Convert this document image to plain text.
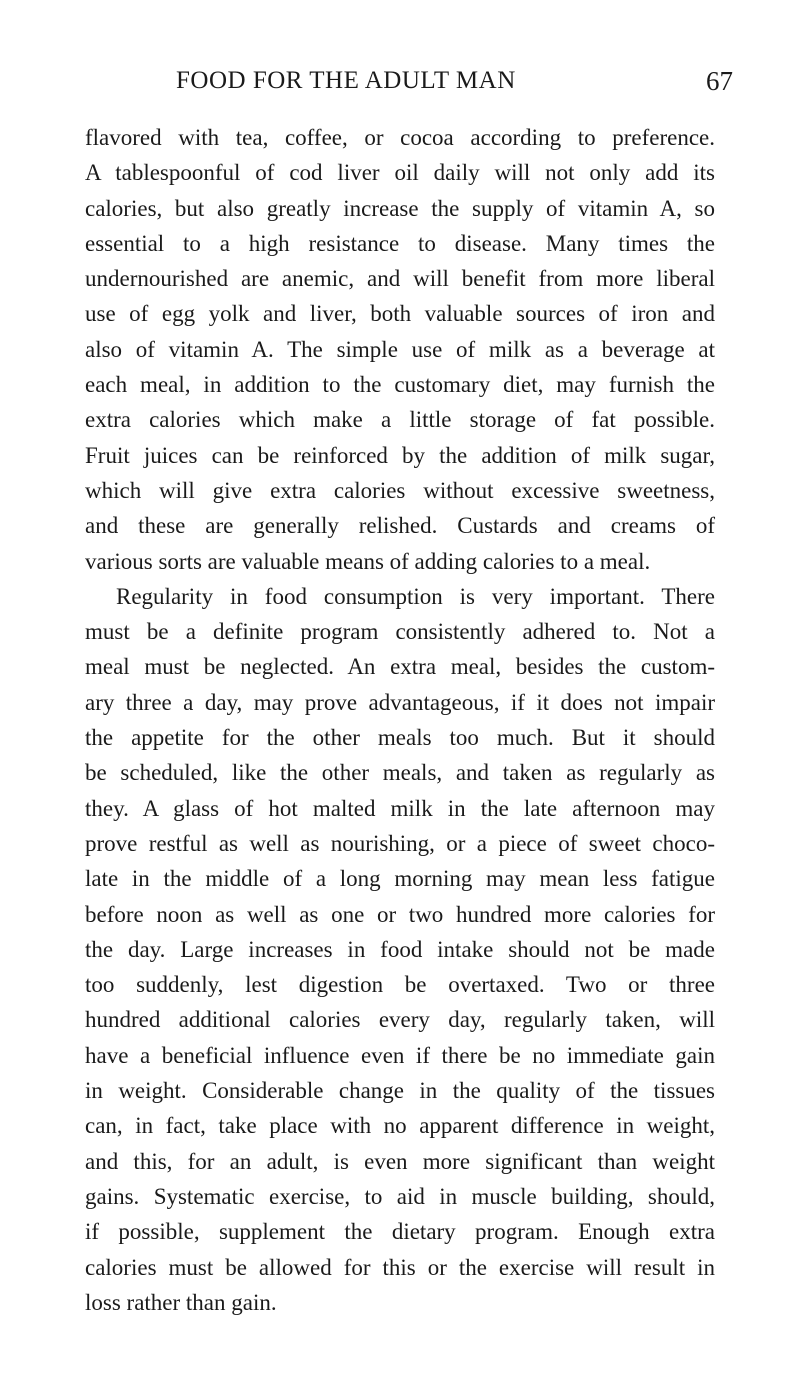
FOOD FOR THE ADULT MAN	67
flavored with tea, coffee, or cocoa according to preference.
A tablespoonful of cod liver oil daily will not only add its
calories, but also greatly increase the supply of vitamin A, so
essential to a high resistance to disease. Many times the
undernourished are anemic, and will benefit from more liberal
use of egg yolk and liver, both valuable sources of iron and
also of vitamin A. The simple use of milk as a beverage at
each meal, in addition to the customary diet, may furnish the
extra calories which make a little storage of fat possible.
Fruit juices can be reinforced by the addition of milk sugar,
which will give extra calories without excessive sweetness,
and these are generally relished. Custards and creams of
various sorts are valuable means of adding calories to a meal.
Regularity in food consumption is very important. There
must be a definite program consistently adhered to. Not a
meal must be neglected. An extra meal, besides the custom-
ary three a day, may prove advantageous, if it does not impair
the appetite for the other meals too much. But it should
be scheduled, like the other meals, and taken as regularly as
they. A glass of hot malted milk in the late afternoon may
prove restful as well as nourishing, or a piece of sweet choco-
late in the middle of a long morning may mean less fatigue
before noon as well as one or two hundred more calories for
the day. Large increases in food intake should not be made
too suddenly, lest digestion be overtaxed. Two or three
hundred additional calories every day, regularly taken, will
have a beneficial influence even if there be no immediate gain
in weight. Considerable change in the quality of the tissues
can, in fact, take place with no apparent difference in weight,
and this, for an adult, is even more significant than weight
gains. Systematic exercise, to aid in muscle building, should,
if possible, supplement the dietary program. Enough extra
calories must be allowed for this or the exercise will result in
loss rather than gain.
